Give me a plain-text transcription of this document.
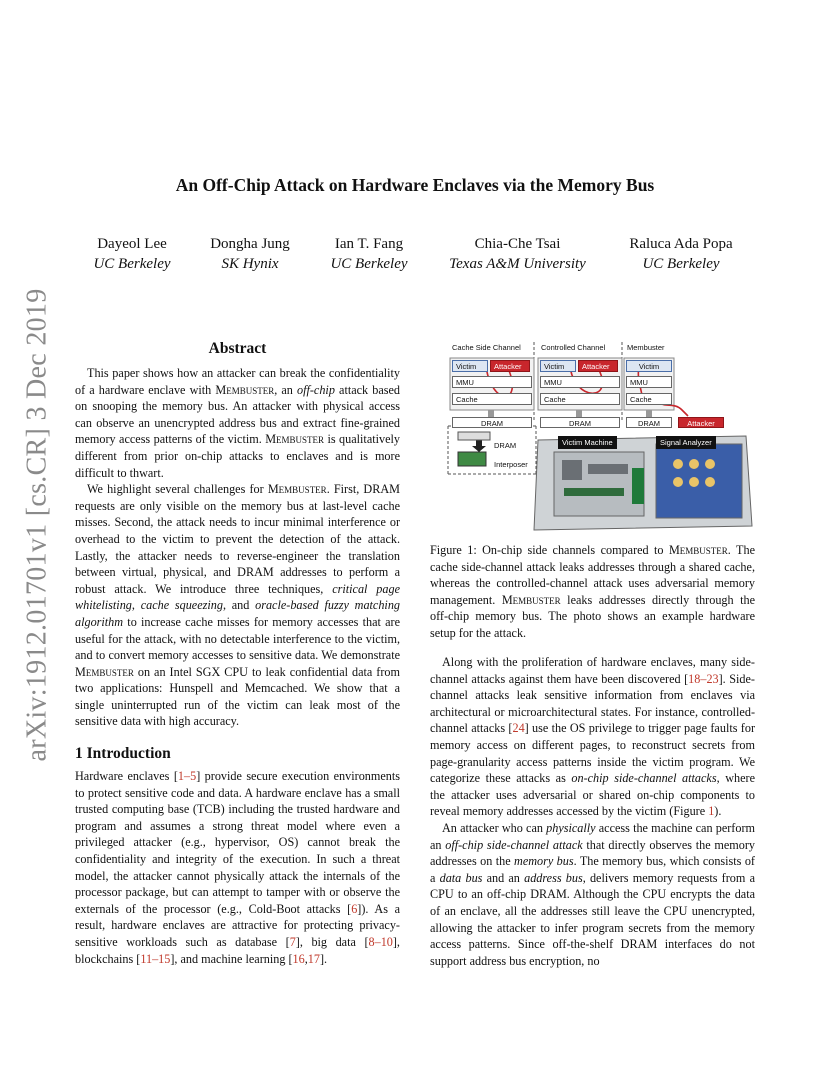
arXiv:1912.01701v1 [cs.CR] 3 Dec 2019
An Off-Chip Attack on Hardware Enclaves via the Memory Bus
Dayeol Lee
UC Berkeley
Dongha Jung
SK Hynix
Ian T. Fang
UC Berkeley
Chia-Che Tsai
Texas A&M University
Raluca Ada Popa
UC Berkeley
Abstract

This paper shows how an attacker can break the confidentiality of a hardware enclave with Membuster, an off-chip attack based on snooping the memory bus. An attacker with physical access can observe an unencrypted address bus and extract fine-grained memory access patterns of the victim. Membuster is qualitatively different from prior on-chip attacks to enclaves and is more difficult to thwart.

We highlight several challenges for Membuster. First, DRAM requests are only visible on the memory bus at last-level cache misses. Second, the attack needs to incur minimal interference or overhead to the victim to prevent the detection of the attack. Lastly, the attacker needs to reverse-engineer the translation between virtual, physical, and DRAM addresses to perform a robust attack. We introduce three techniques, critical page whitelisting, cache squeezing, and oracle-based fuzzy matching algorithm to increase cache misses for memory accesses that are useful for the attack, with no detectable interference to the victim, and to convert memory accesses to sensitive data. We demonstrate Membuster on an Intel SGX CPU to leak confidential data from two applications: Hunspell and Memcached. We show that a single uninterrupted run of the victim can leak most of the sensitive data with high accuracy.

1 Introduction

Hardware enclaves [1–5] provide secure execution environments to protect sensitive code and data. A hardware enclave has a small trusted computing base (TCB) including the trusted hardware and program and assumes a strong threat model where even a privileged attacker (e.g., hypervisor, OS) cannot break the confidentiality and integrity of the execution. In such a threat model, the attacker cannot physically attack the internals of the processor package, but can attempt to tamper with or observe the externals of the processor (e.g., Cold-Boot attacks [6]). As a result, hardware enclaves are attractive for protecting privacy-sensitive workloads such as database [7], big data [8–10], blockchains [11–15], and machine learning [16,17].

Cache Side Channel	Controlled Channel	Membuster
Victim	Attacker
MMU
Cache
DRAM
Victim	Attacker
MMU
Cache
DRAM
Victim
MMU
Cache
DRAM	Attacker
DRAM
Interposer
Victim Machine	Signal Analyzer

Figure 1: On-chip side channels compared to Membuster. The cache side-channel attack leaks addresses through a shared cache, whereas the controlled-channel attack uses adversarial memory management. Membuster leaks addresses directly through the off-chip memory bus. The photo shows an example hardware setup for the attack.

Along with the proliferation of hardware enclaves, many side-channel attacks against them have been discovered [18–23]. Side-channel attacks leak sensitive information from enclaves via architectural or microarchitectural states. For instance, controlled-channel attacks [24] use the OS privilege to trigger page faults for memory access on different pages, to reconstruct secrets from page-granularity access patterns inside the victim program. We categorize these attacks as on-chip side-channel attacks, where the attacker uses adversarial or shared on-chip components to reveal memory addresses accessed by the victim (Figure 1).

An attacker who can physically access the machine can perform an off-chip side-channel attack that directly observes the memory addresses on the memory bus. The memory bus, which consists of a data bus and an address bus, delivers memory requests from a CPU to an off-chip DRAM. Although the CPU encrypts the data of an enclave, all the addresses still leave the CPU unencrypted, allowing the attacker to infer program secrets from the memory access patterns. Since off-the-shelf DRAM interfaces do not support address bus encryption, no
